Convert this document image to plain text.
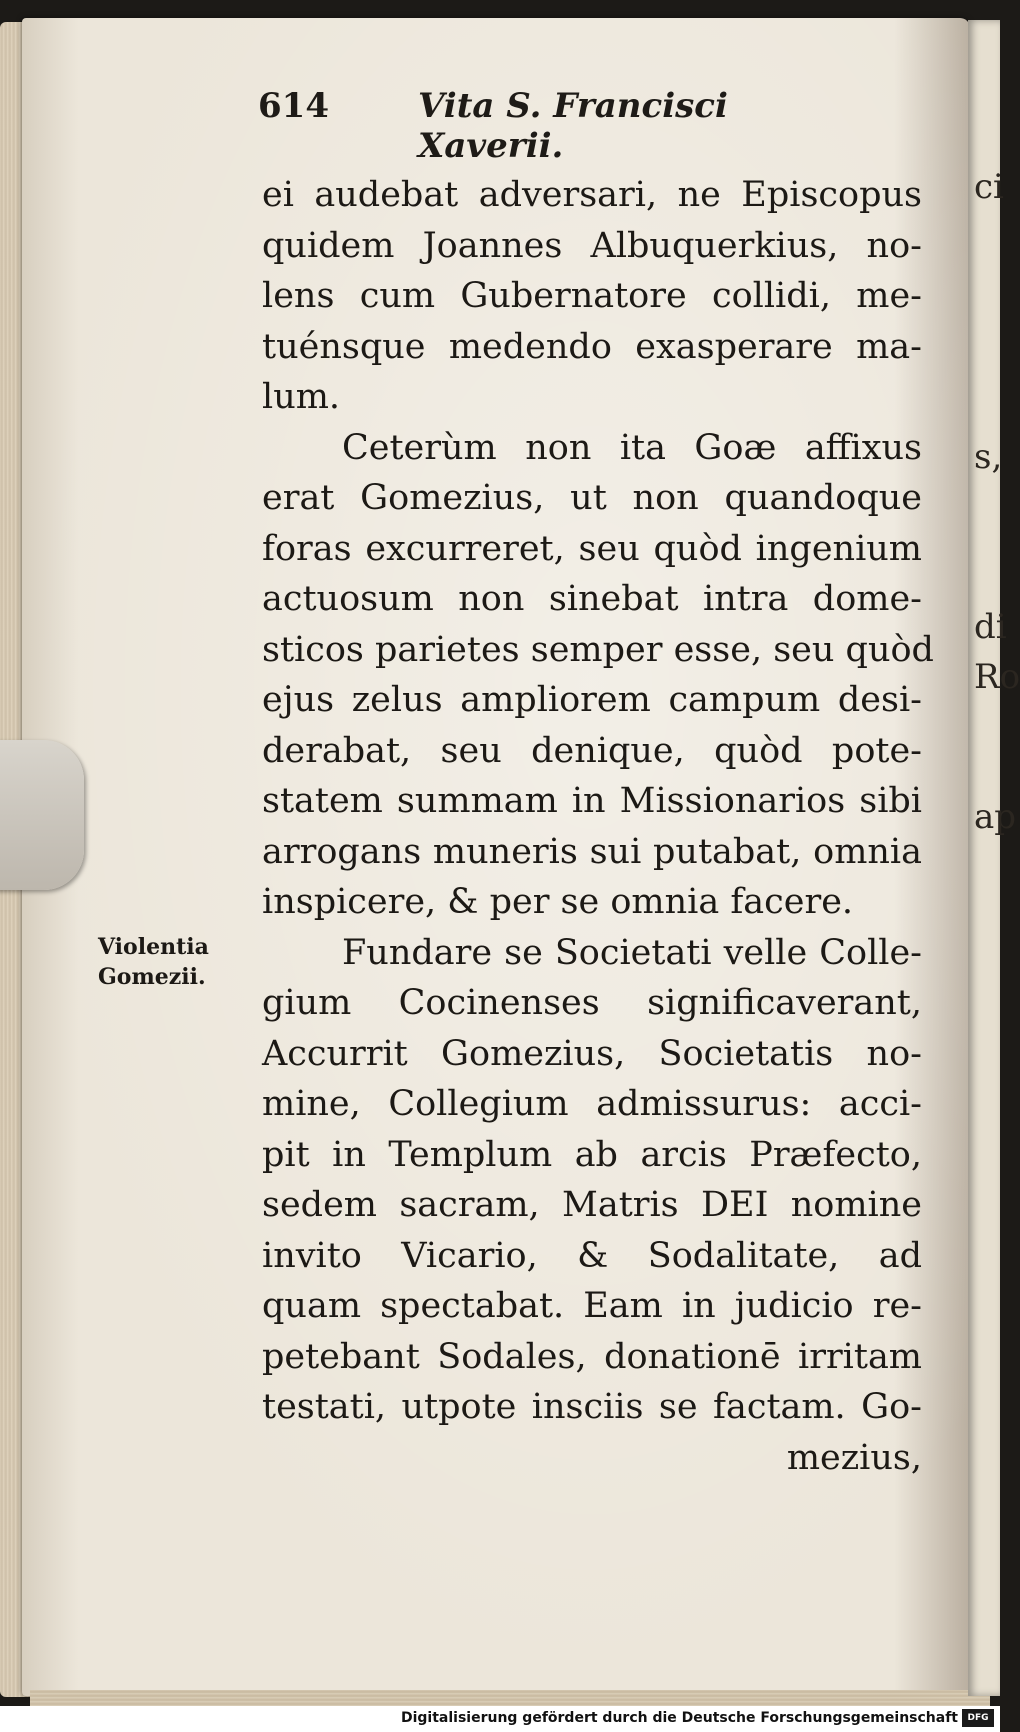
ci
s,
di
Ro
ap
614	Vita S. Francisci Xaverii.
Violentia
Gomezii.
ei audebat adversari, ne Episcopus
quidem Joannes Albuquerkius, no-
lens cum Gubernatore collidi, me-
tuénsque medendo exasperare ma-
lum.
Ceterùm non ita Goæ affixus
erat Gomezius, ut non quandoque
foras excurreret, seu quòd ingenium
actuosum non sinebat intra dome-
sticos parietes semper esse, seu quòd
ejus zelus ampliorem campum desi-
derabat, seu denique, quòd pote-
statem summam in Missionarios sibi
arrogans muneris sui putabat, omnia
inspicere, & per se omnia facere.
Fundare se Societati velle Colle-
gium Cocinenses significaverant,
Accurrit Gomezius, Societatis no-
mine, Collegium admissurus: acci-
pit in Templum ab arcis Præfecto,
sedem sacram, Matris DEI nomine
invito Vicario, & Sodalitate, ad
quam spectabat. Eam in judicio re-
petebant Sodales, donationē irritam
testati, utpote insciis se factam. Go-
mezius,
Digitalisierung gefördert durch die Deutsche Forschungsgemeinschaft	DFG
